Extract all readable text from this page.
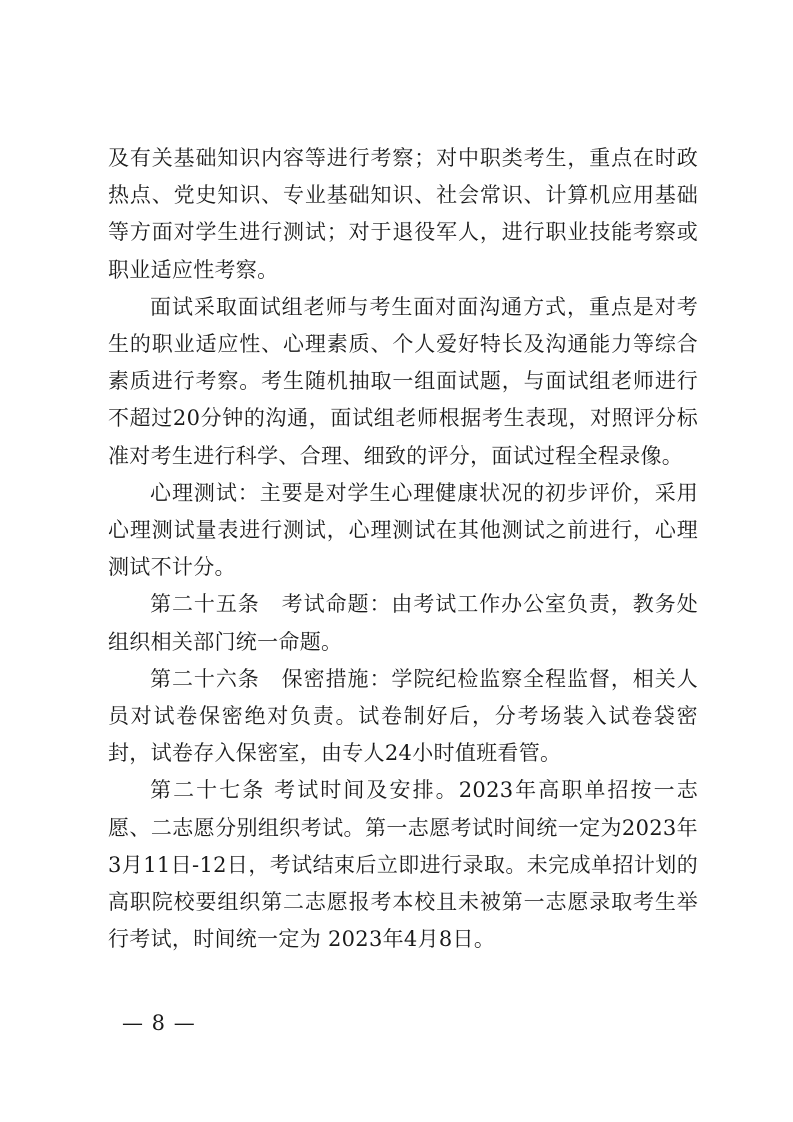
及有关基础知识内容等进行考察；对中职类考生，重点在时政热点、党史知识、专业基础知识、社会常识、计算机应用基础等方面对学生进行测试；对于退役军人，进行职业技能考察或职业适应性考察。

面试采取面试组老师与考生面对面沟通方式，重点是对考生的职业适应性、心理素质、个人爱好特长及沟通能力等综合素质进行考察。考生随机抽取一组面试题，与面试组老师进行不超过20分钟的沟通，面试组老师根据考生表现，对照评分标准对考生进行科学、合理、细致的评分，面试过程全程录像。

心理测试：主要是对学生心理健康状况的初步评价，采用心理测试量表进行测试，心理测试在其他测试之前进行，心理测试不计分。

第二十五条　考试命题：由考试工作办公室负责，教务处组织相关部门统一命题。

第二十六条　保密措施：学院纪检监察全程监督，相关人员对试卷保密绝对负责。试卷制好后，分考场装入试卷袋密封，试卷存入保密室，由专人24小时值班看管。

第二十七条 考试时间及安排。2023年高职单招按一志愿、二志愿分别组织考试。第一志愿考试时间统一定为2023年3月11日-12日，考试结束后立即进行录取。未完成单招计划的高职院校要组织第二志愿报考本校且未被第一志愿录取考生举行考试，时间统一定为 2023年4月8日。

— 8 —
